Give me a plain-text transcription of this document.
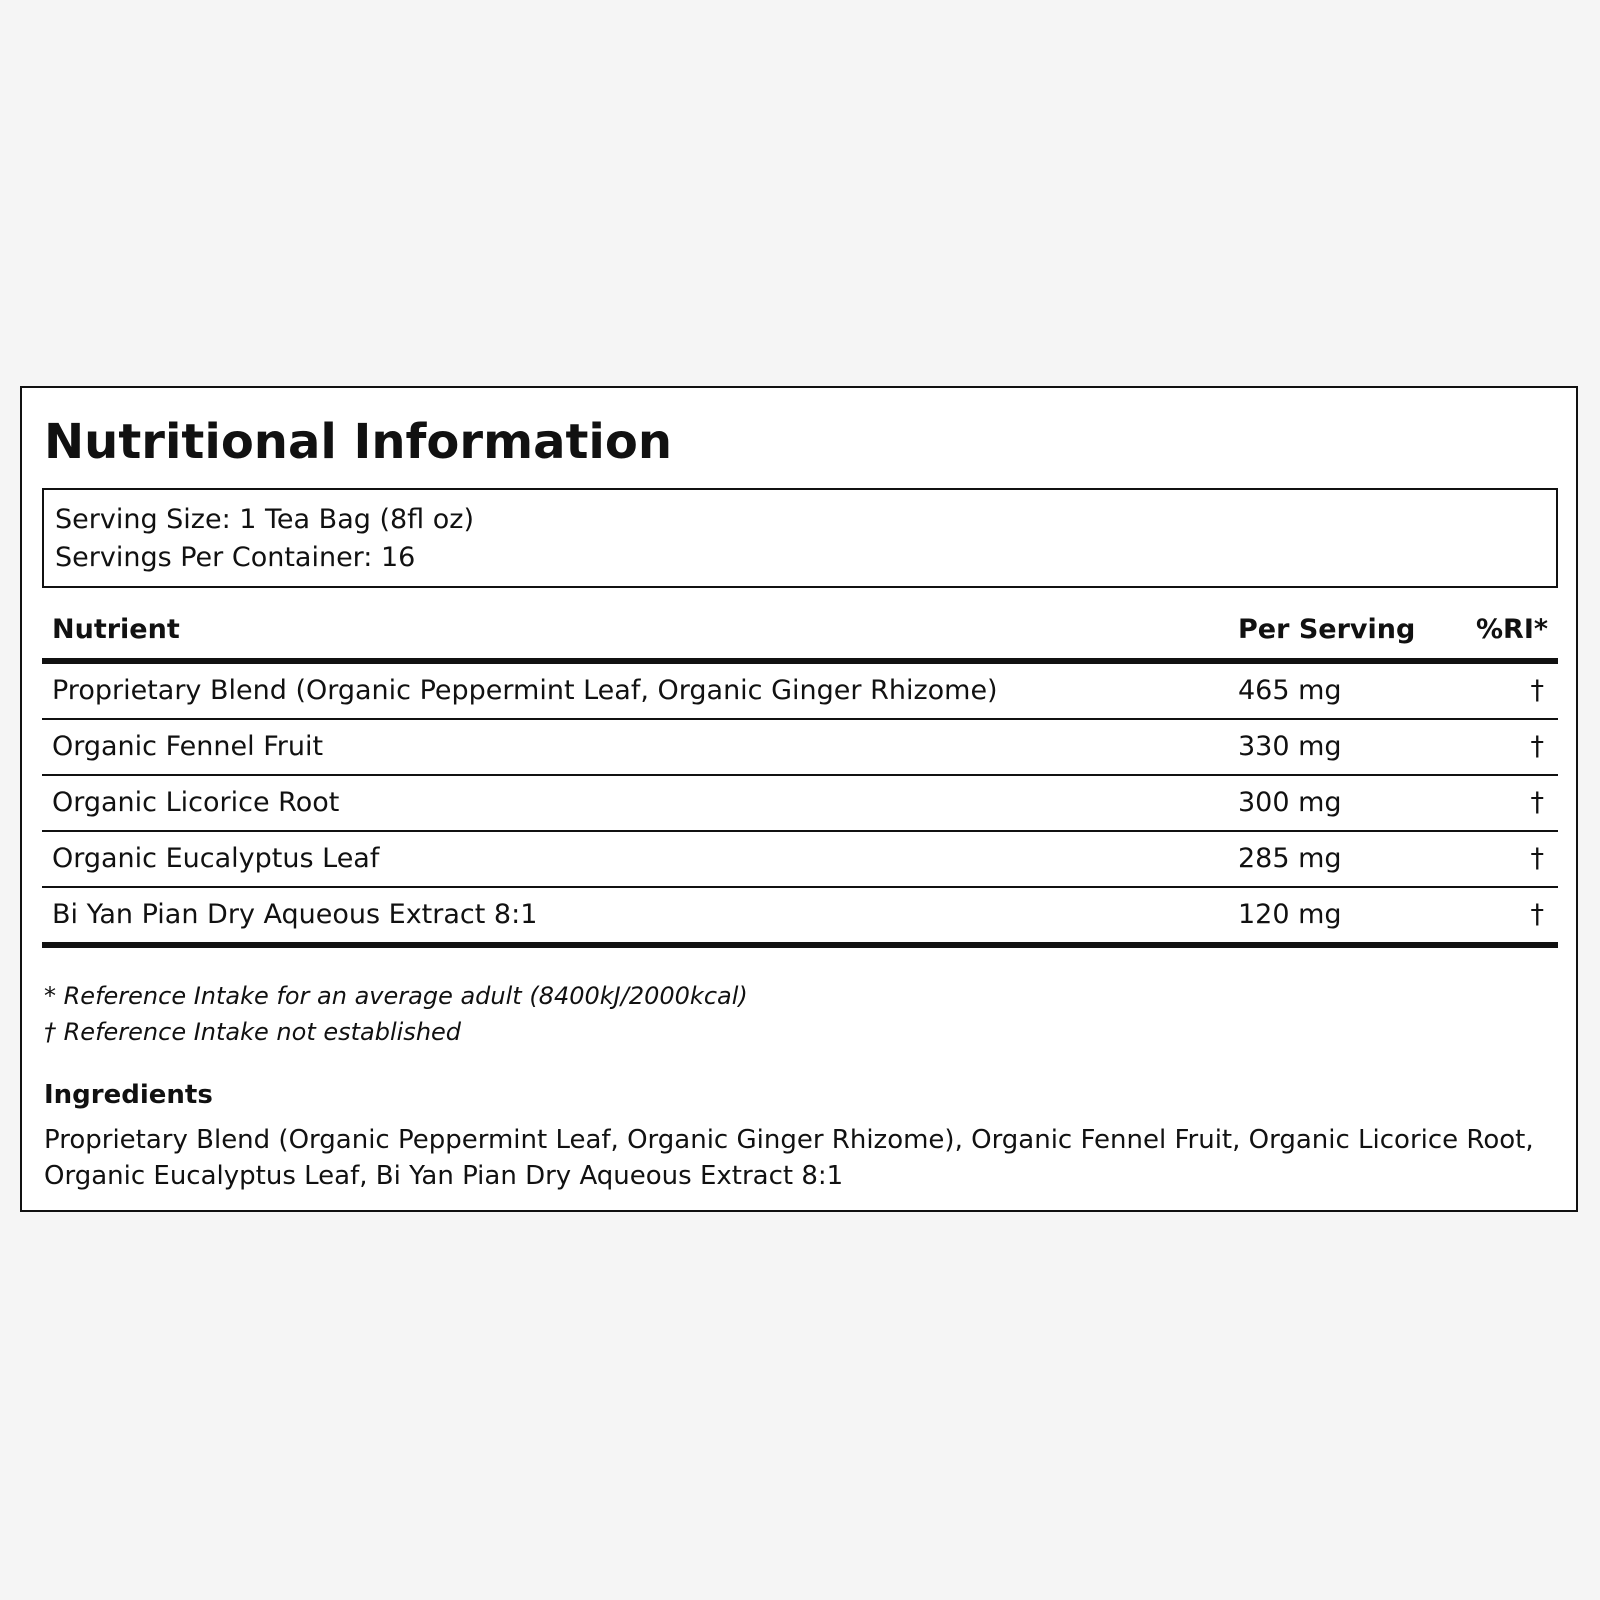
Nutritional Information
Serving Size: 1 Tea Bag (8fl oz)
Servings Per Container: 16
Nutrient	Per Serving %RI*
Proprietary Blend (Organic Peppermint Leaf, Organic Ginger Rhizome)	465 mg	†
Organic Fennel Fruit	330 mg	†
Organic Licorice Root	300 mg	†
Organic Eucalyptus Leaf	285 mg	†
Bi Yan Pian Dry Aqueous Extract 8:1	120 mg	†
* Reference Intake for an average adult (8400kJ/2000kcal)
† Reference Intake not established
Ingredients

Proprietary Blend (Organic Peppermint Leaf, Organic Ginger Rhizome), Organic Fennel Fruit, Organic Licorice Root, Organic Eucalyptus Leaf, Bi Yan Pian Dry Aqueous Extract 8:1
